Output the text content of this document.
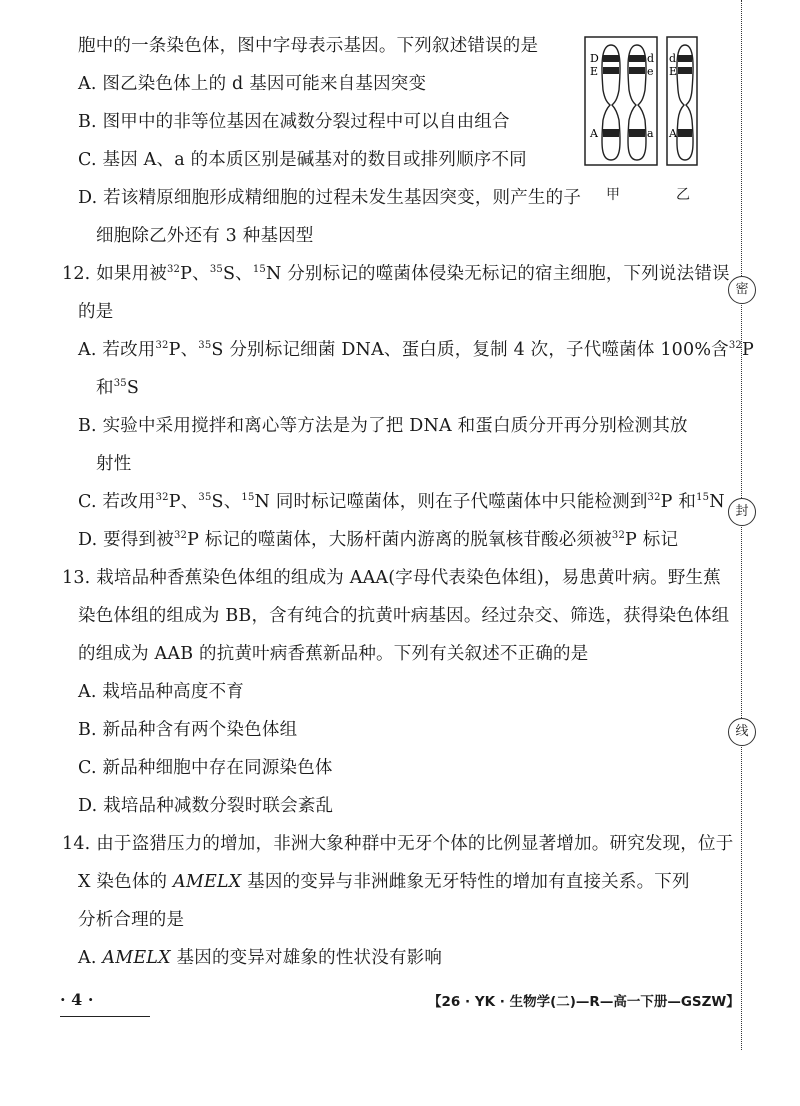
胞中的一条染色体，图中字母表示基因。下列叙述错误的是
A. 图乙染色体上的 d 基因可能来自基因突变
B. 图甲中的非等位基因在减数分裂过程中可以自由组合
C. 基因 A、a 的本质区别是碱基对的数目或排列顺序不同
D. 若该精原细胞形成精细胞的过程未发生基因突变，则产生的子
细胞除乙外还有 3 种基因型
D
E
A
d
e
a
d
E
A
甲	乙
12. 如果用被$^{32}$P、$^{35}$S、$^{15}$N 分别标记的噬菌体侵染无标记的宿主细胞，下列说法错误
的是
A. 若改用$^{32}$P、$^{35}$S 分别标记细菌 DNA、蛋白质，复制 4 次，子代噬菌体 100%含$^{32}$P
和$^{35}$S
B. 实验中采用搅拌和离心等方法是为了把 DNA 和蛋白质分开再分别检测其放
射性
C. 若改用$^{32}$P、$^{35}$S、$^{15}$N 同时标记噬菌体，则在子代噬菌体中只能检测到$^{32}$P 和$^{15}$N
D. 要得到被$^{32}$P 标记的噬菌体，大肠杆菌内游离的脱氧核苷酸必须被$^{32}$P 标记
13. 栽培品种香蕉染色体组的组成为 AAA(字母代表染色体组)，易患黄叶病。野生蕉
染色体组的组成为 BB，含有纯合的抗黄叶病基因。经过杂交、筛选，获得染色体组
的组成为 AAB 的抗黄叶病香蕉新品种。下列有关叙述不正确的是
A. 栽培品种高度不育
B. 新品种含有两个染色体组
C. 新品种细胞中存在同源染色体
D. 栽培品种减数分裂时联会紊乱
14. 由于盗猎压力的增加，非洲大象种群中无牙个体的比例显著增加。研究发现，位于
X 染色体的 AMELX 基因的变异与非洲雌象无牙特性的增加有直接关系。下列
分析合理的是
A. AMELX 基因的变异对雄象的性状没有影响
密
封
线
· 4 ·	【26 · YK · 生物学(二)—R—高一下册—GSZW】
